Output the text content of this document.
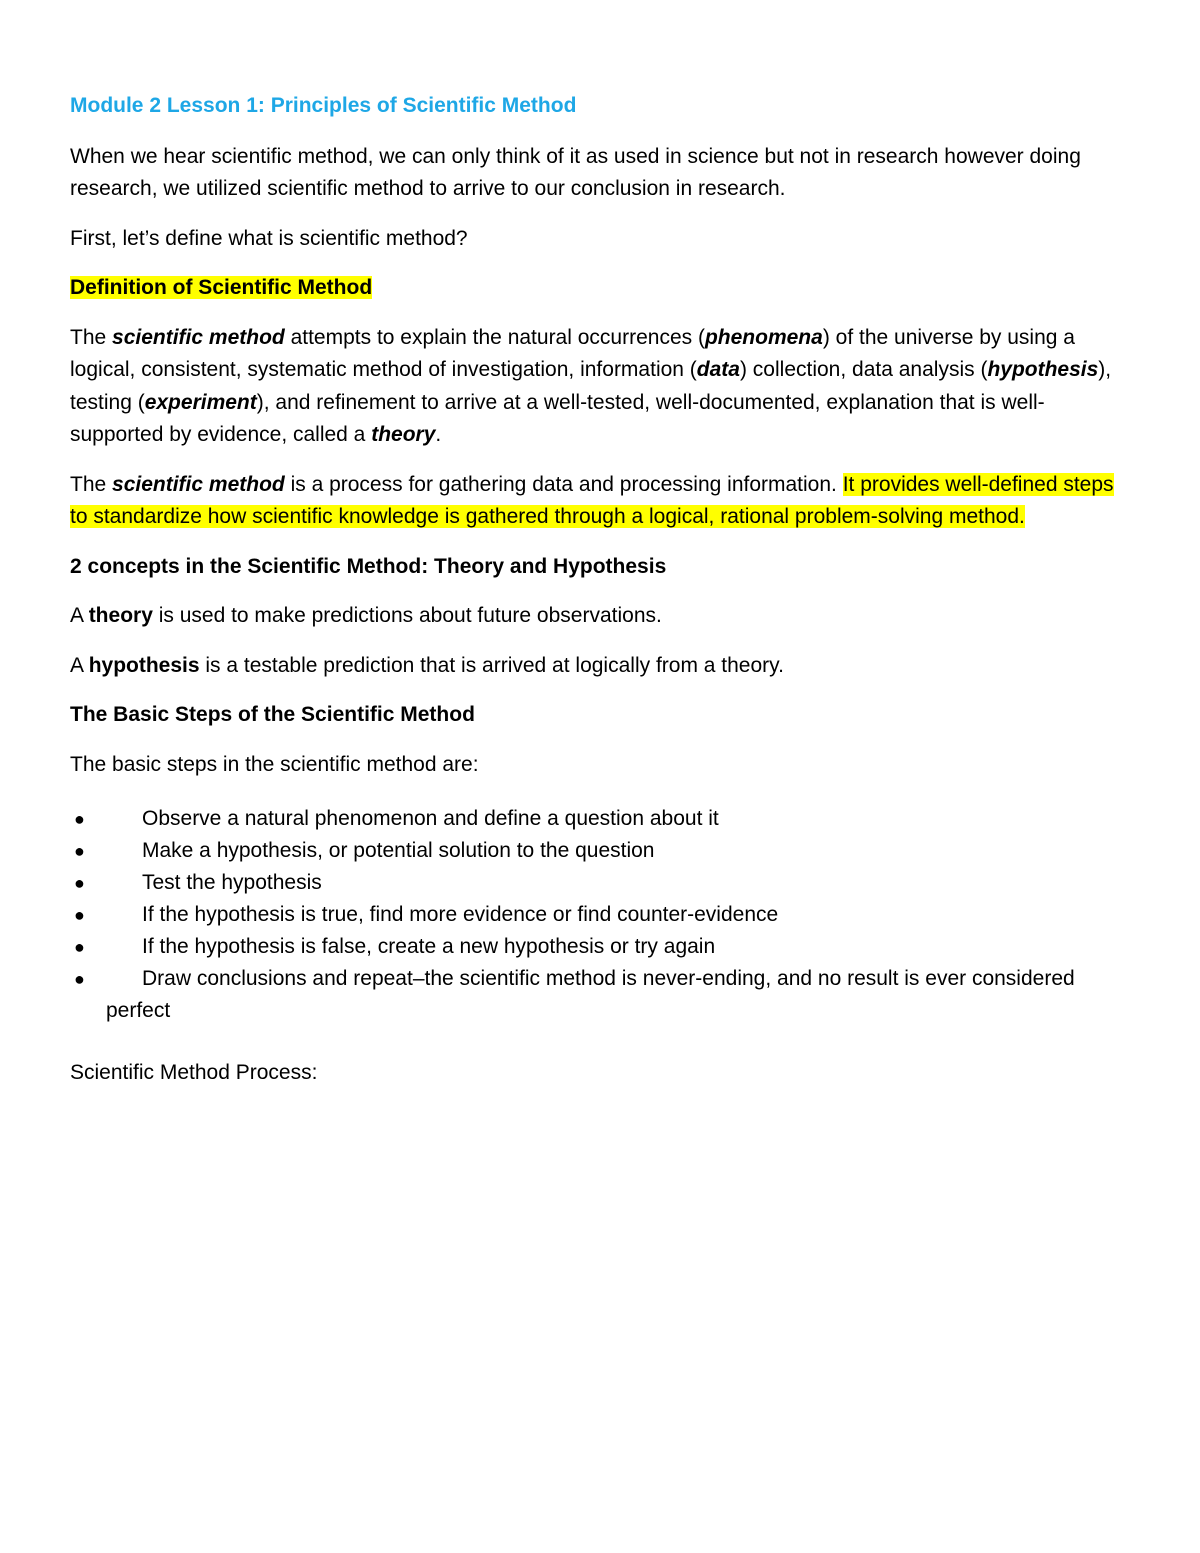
Module 2 Lesson 1: Principles of Scientific Method

When we hear scientific method, we can only think of it as used in science but not in research however doing research, we utilized scientific method to arrive to our conclusion in research.

First, let’s define what is scientific method?

Definition of Scientific Method

The scientific method attempts to explain the natural occurrences (phenomena) of the universe by using a logical, consistent, systematic method of investigation, information (data) collection, data analysis (hypothesis), testing (experiment), and refinement to arrive at a well-tested, well-documented, explanation that is well-supported by evidence, called a theory.

The scientific method is a process for gathering data and processing information. It provides well-defined steps to standardize how scientific knowledge is gathered through a logical, rational problem-solving method.

2 concepts in the Scientific Method: Theory and Hypothesis

A theory is used to make predictions about future observations.

A hypothesis is a testable prediction that is arrived at logically from a theory.

The Basic Steps of the Scientific Method

The basic steps in the scientific method are:

●	Observe a natural phenomenon and define a question about it
●	Make a hypothesis, or potential solution to the question
●	Test the hypothesis
●	If the hypothesis is true, find more evidence or find counter-evidence
●	If the hypothesis is false, create a new hypothesis or try again
●	Draw conclusions and repeat–the scientific method is never-ending, and no result is ever considered perfect

Scientific Method Process:
